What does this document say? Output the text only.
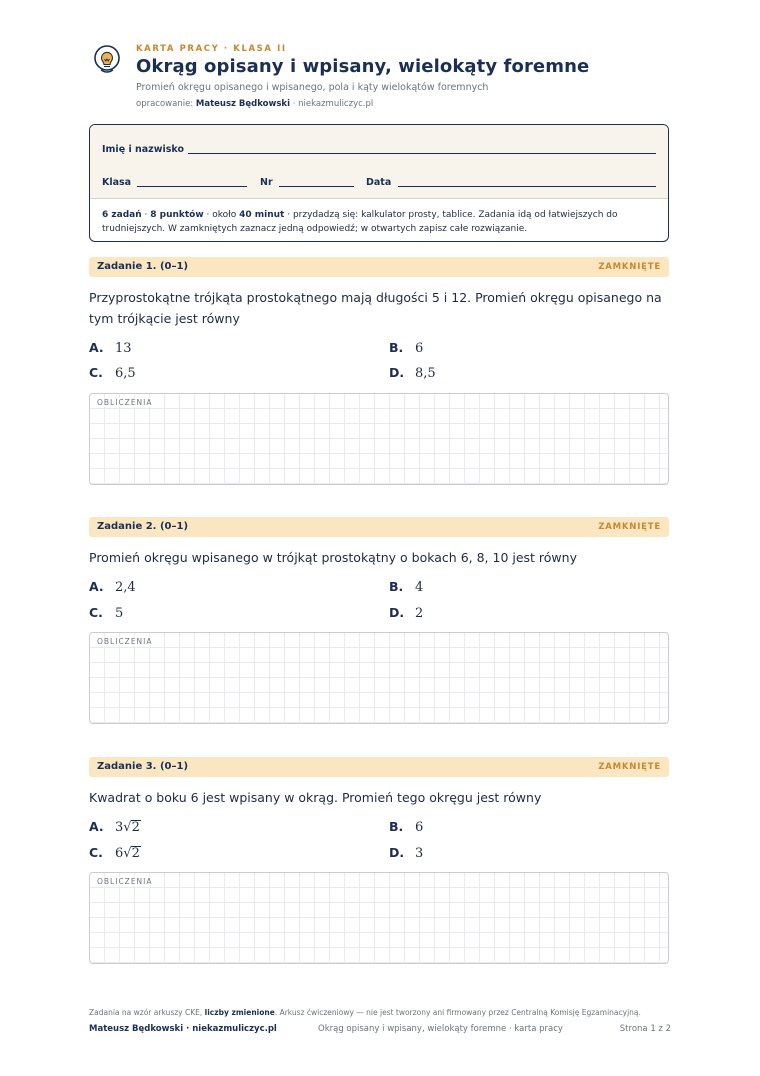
KARTA PRACY · KLASA II
Okrąg opisany i wpisany, wielokąty foremne
Promień okręgu opisanego i wpisanego, pola i kąty wielokątów foremnych
opracowanie: Mateusz Będkowski · niekazmuliczyc.pl
Imię i nazwisko
Klasa	Nr	Data
6 zadań · 8 punktów · około 40 minut · przydadzą się: kalkulator prosty, tablice. Zadania idą od łatwiejszych do trudniejszych. W zamkniętych zaznacz jedną odpowiedź; w otwartych zapisz całe rozwiązanie.
Zadanie 1. (0–1)	ZAMKNIĘTE
Przyprostokątne trójkąta prostokątnego mają długości 5 i 12. Promień okręgu opisanego na tym trójkącie jest równy
A. 13	B. 6
C. 6,5	D. 8,5
OBLICZENIA
Zadanie 2. (0–1)	ZAMKNIĘTE
Promień okręgu wpisanego w trójkąt prostokątny o bokach 6, 8, 10 jest równy
A. 2,4	B. 4
C. 5	D. 2
OBLICZENIA
Zadanie 3. (0–1)	ZAMKNIĘTE
Kwadrat o boku 6 jest wpisany w okrąg. Promień tego okręgu jest równy
A. 3√2	B. 6
C. 6√2	D. 3
OBLICZENIA
Zadania na wzór arkuszy CKE, liczby zmienione. Arkusz ćwiczeniowy — nie jest tworzony ani firmowany przez Centralną Komisję Egzaminacyjną.
Mateusz Będkowski · niekazmuliczyc.pl	Okrąg opisany i wpisany, wielokąty foremne · karta pracy	Strona 1 z 2
